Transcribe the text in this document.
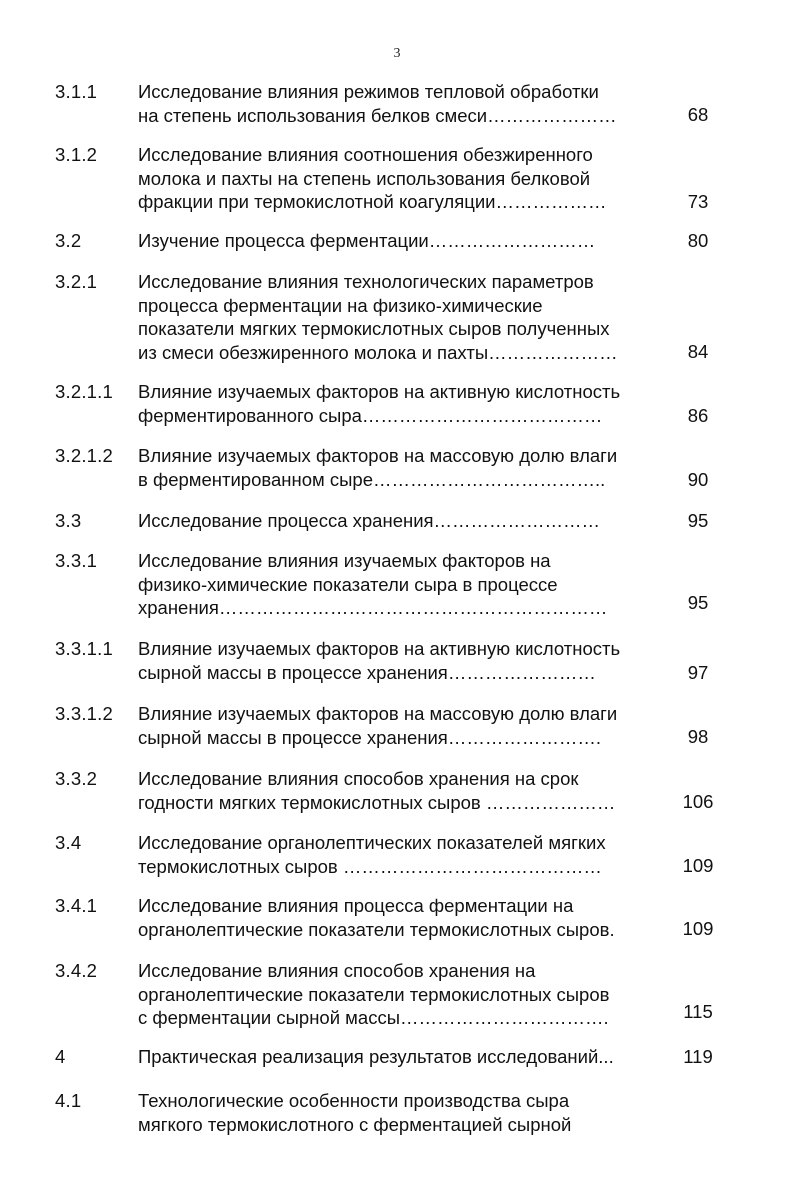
3
3.1.1 Исследование влияния режимов тепловой обработки
на степень использования белков смеси…………………	68
3.1.2 Исследование влияния соотношения обезжиренного
молока и пахты на степень использования белковой
фракции при термокислотной коагуляции………………	73
3.2	Изучение процесса ферментации………………………	80
3.2.1 Исследование влияния технологических параметров
процесса ферментации на физико-химические
показатели мягких термокислотных сыров полученных
из смеси обезжиренного молока и пахты…………………	84
3.2.1.1 Влияние изучаемых факторов на активную кислотность
ферментированного сыра…………………………………	86
3.2.1.2 Влияние изучаемых факторов на массовую долю влаги
в ферментированном сыре………………………………..	90
3.3	Исследование процесса хранения………………………	95
3.3.1 Исследование влияния изучаемых факторов на
физико-химические показатели сыра в процессе
хранения………………………………………………………	95
3.3.1.1 Влияние изучаемых факторов на активную кислотность
сырной массы в процессе хранения……………………	97
3.3.1.2 Влияние изучаемых факторов на массовую долю влаги
сырной массы в процессе хранения…………………….	98
3.3.2 Исследование влияния способов хранения на срок
годности мягких термокислотных сыров …………………	106
3.4	Исследование органолептических показателей мягких
термокислотных сыров ……………………………………	109
3.4.1 Исследование влияния процесса ферментации на
органолептические показатели термокислотных сыров.	109
3.4.2 Исследование влияния способов хранения на
органолептические показатели термокислотных сыров
с ферментации сырной массы…………………………….	115
4	Практическая реализация результатов исследований...	119
4.1	Технологические особенности производства сыра
мягкого термокислотного с ферментацией сырной
